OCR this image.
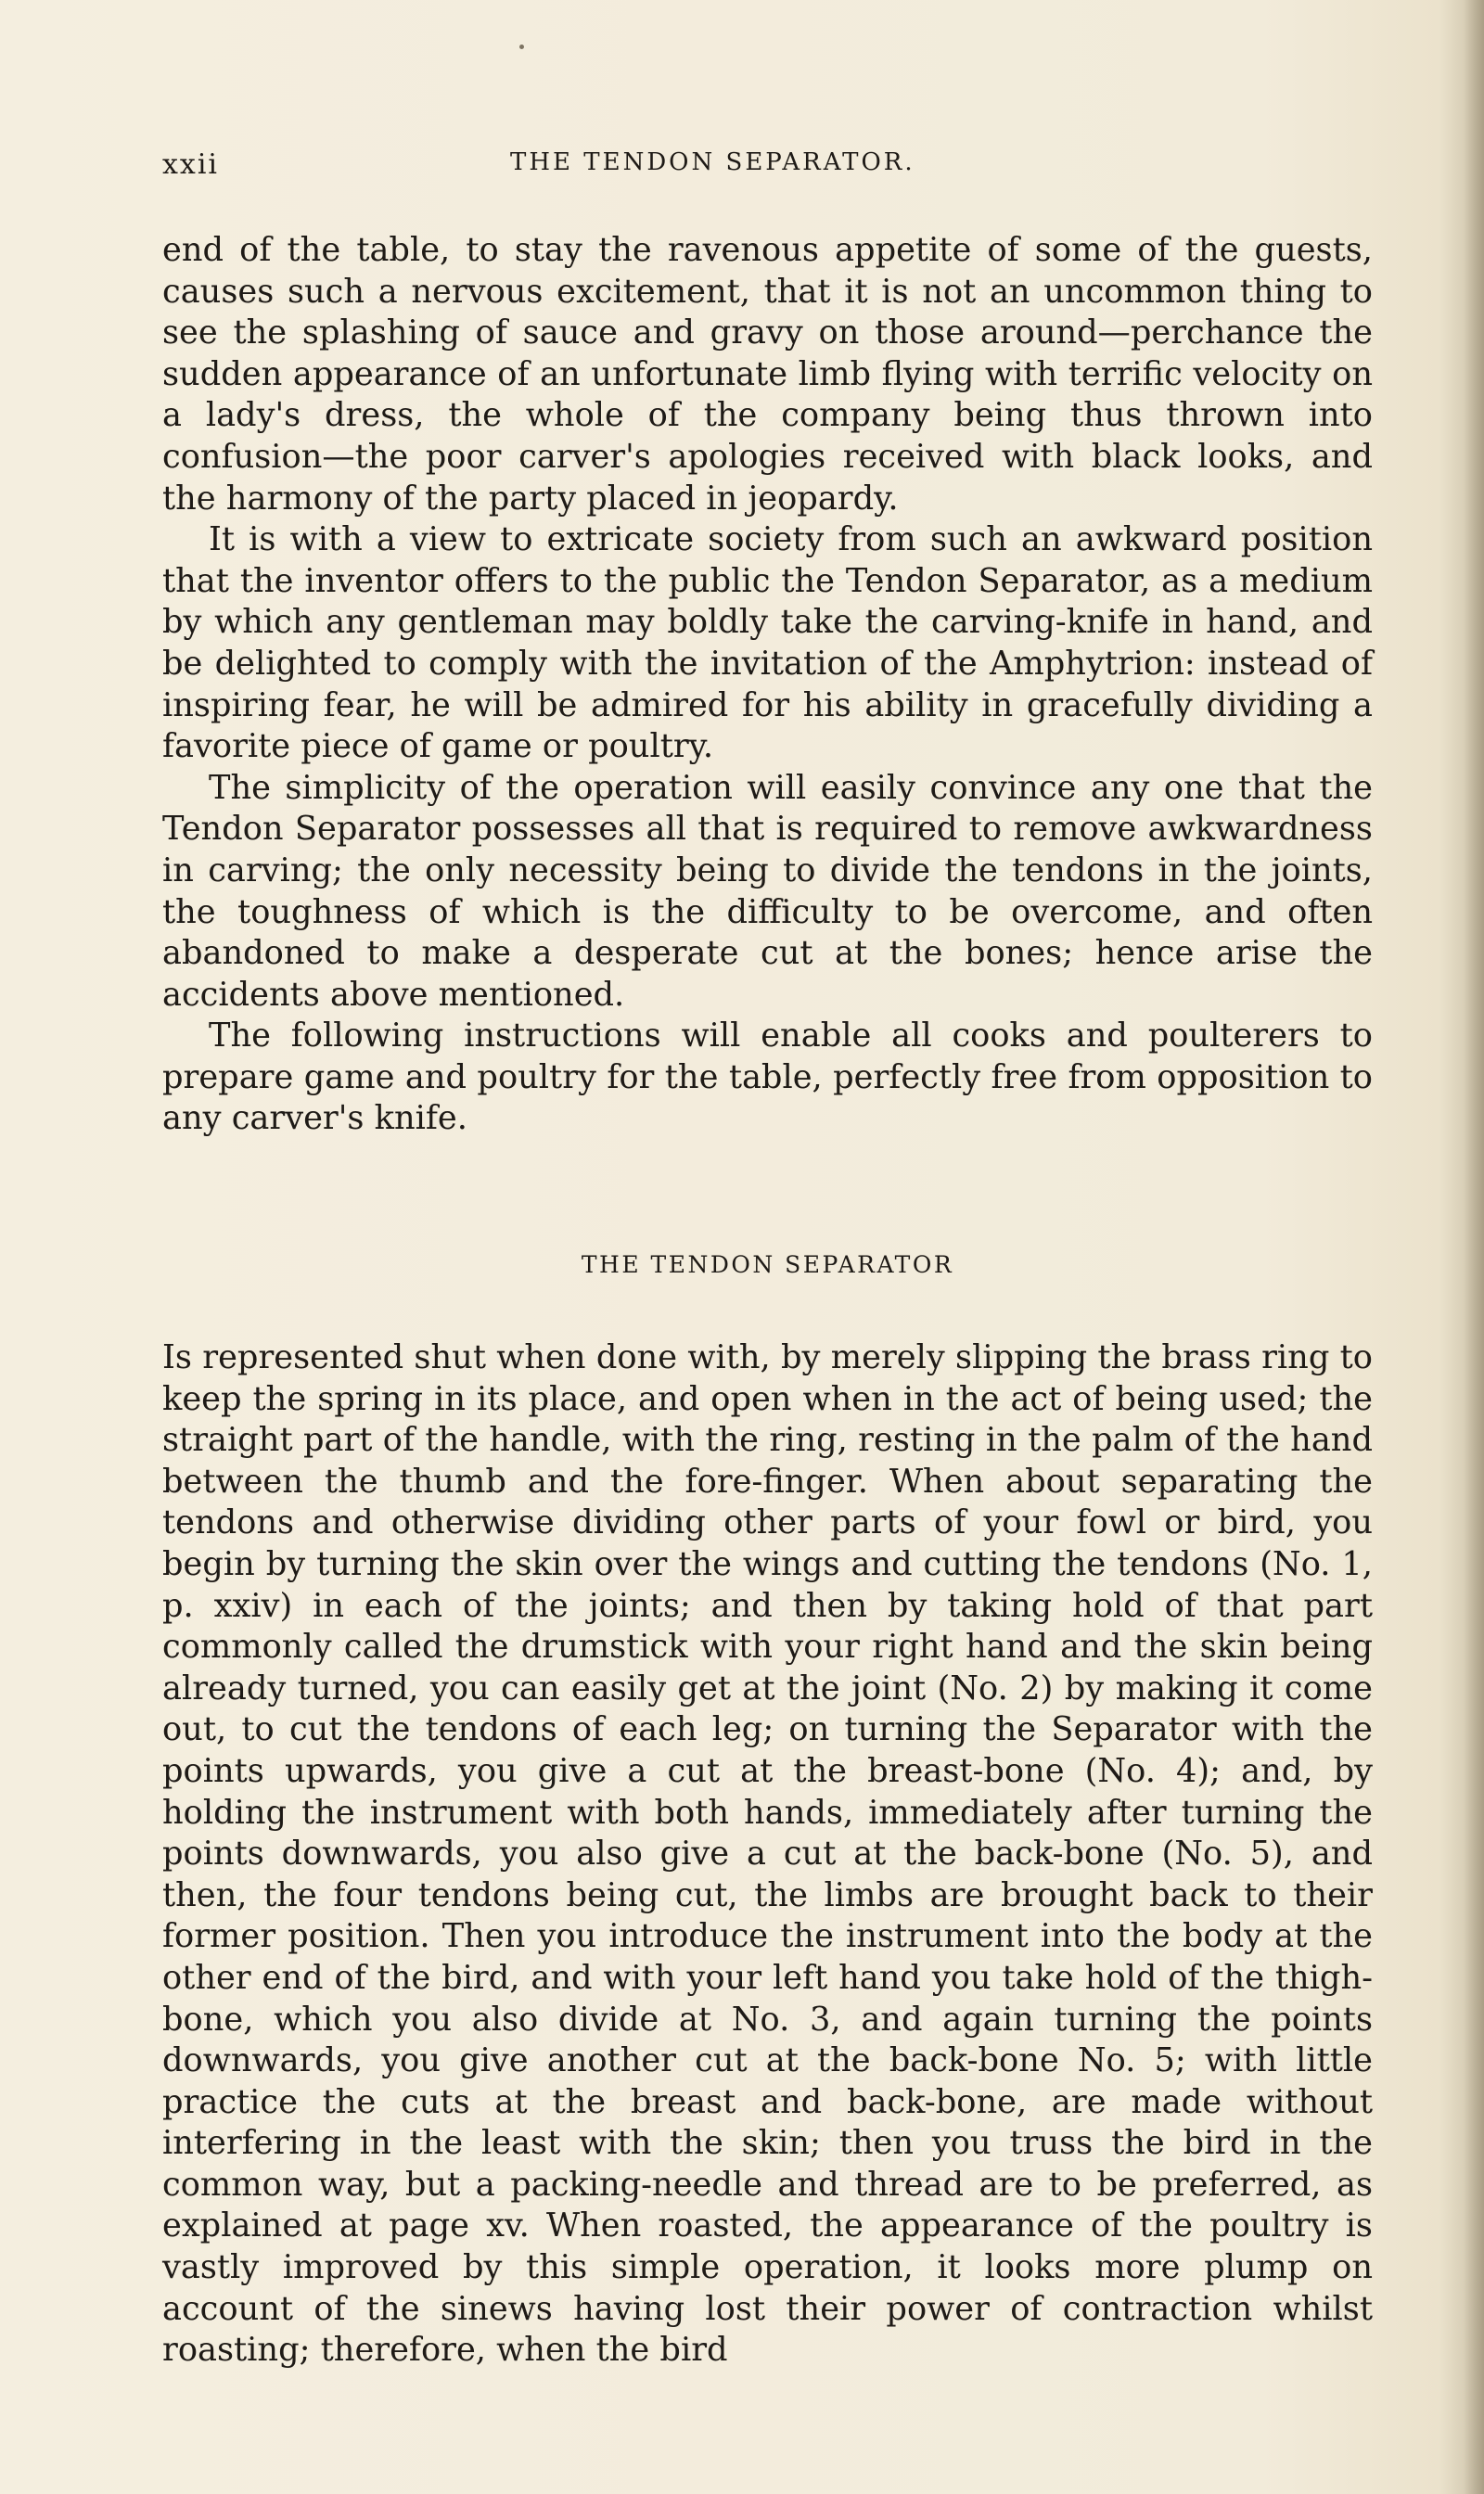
xxii	THE TENDON SEPARATOR.

end of the table, to stay the ravenous appetite of some of the guests, causes such a nervous excitement, that it is not an uncommon thing to see the splashing of sauce and gravy on those around—perchance the sudden appearance of an unfortunate limb flying with terrific velocity on a lady's dress, the whole of the company being thus thrown into confusion—the poor carver's apologies received with black looks, and the harmony of the party placed in jeopardy.

It is with a view to extricate society from such an awkward position that the inventor offers to the public the Tendon Separator, as a medium by which any gentleman may boldly take the carving-knife in hand, and be delighted to comply with the invitation of the Amphytrion: instead of inspiring fear, he will be admired for his ability in gracefully dividing a favorite piece of game or poultry.

The simplicity of the operation will easily convince any one that the Tendon Separator possesses all that is required to remove awkwardness in carving; the only necessity being to divide the tendons in the joints, the toughness of which is the difficulty to be overcome, and often abandoned to make a desperate cut at the bones; hence arise the accidents above mentioned.

The following instructions will enable all cooks and poulterers to prepare game and poultry for the table, perfectly free from opposition to any carver's knife.

THE TENDON SEPARATOR

Is represented shut when done with, by merely slipping the brass ring to keep the spring in its place, and open when in the act of being used; the straight part of the handle, with the ring, resting in the palm of the hand between the thumb and the fore-finger. When about separating the tendons and otherwise dividing other parts of your fowl or bird, you begin by turning the skin over the wings and cutting the tendons (No. 1, p. xxiv) in each of the joints; and then by taking hold of that part commonly called the drumstick with your right hand and the skin being already turned, you can easily get at the joint (No. 2) by making it come out, to cut the tendons of each leg; on turning the Separator with the points upwards, you give a cut at the breast-bone (No. 4); and, by holding the instrument with both hands, immediately after turning the points downwards, you also give a cut at the back-bone (No. 5), and then, the four tendons being cut, the limbs are brought back to their former position. Then you introduce the instrument into the body at the other end of the bird, and with your left hand you take hold of the thigh-bone, which you also divide at No. 3, and again turning the points downwards, you give another cut at the back-bone No. 5; with little practice the cuts at the breast and back-bone, are made without interfering in the least with the skin; then you truss the bird in the common way, but a packing-needle and thread are to be preferred, as explained at page xv. When roasted, the appearance of the poultry is vastly improved by this simple operation, it looks more plump on account of the sinews having lost their power of contraction whilst roasting; therefore, when the bird
